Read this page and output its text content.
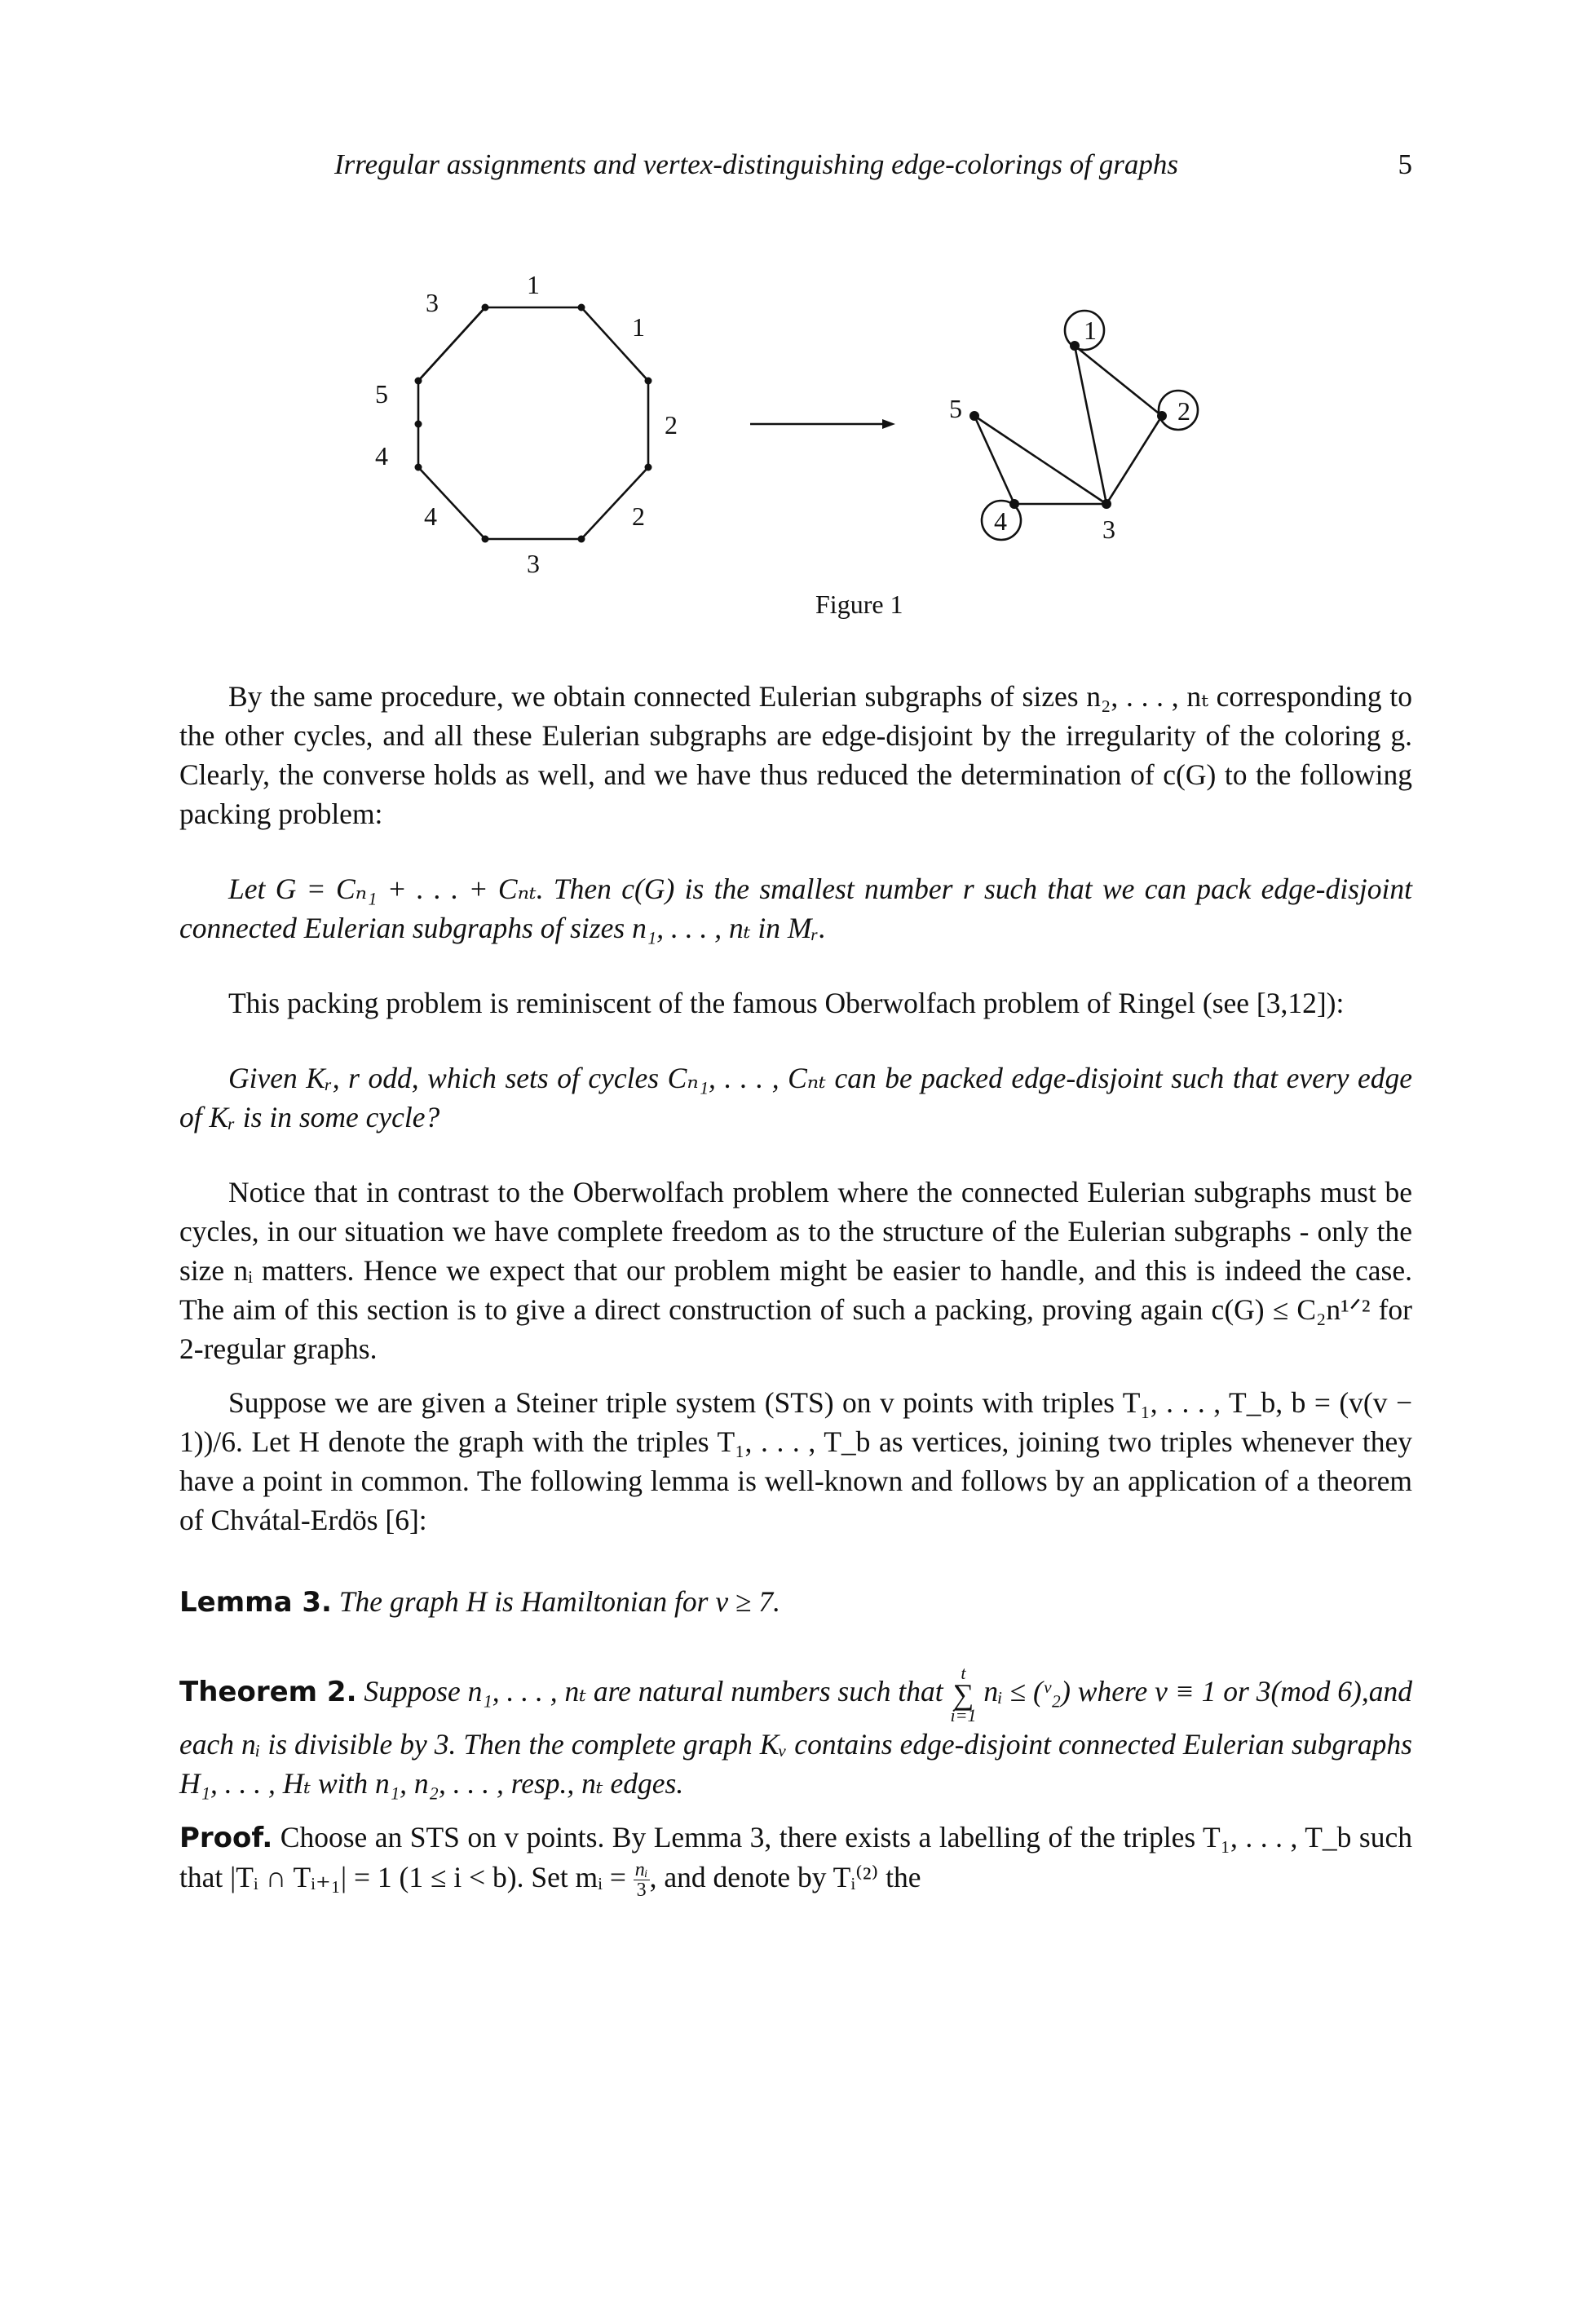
Irregular assignments and vertex-distinguishing edge-colorings of graphs	5
1
1
2
2
3
4
4
5
3
1
2
3
4
5
Figure 1

By the same procedure, we obtain connected Eulerian subgraphs of sizes n₂, . . . , nₜ corresponding to the other cycles, and all these Eulerian subgraphs are edge-disjoint by the irregularity of the coloring g. Clearly, the converse holds as well, and we have thus reduced the determination of c(G) to the following packing problem:

Let G = Cₙ₁ + . . . + Cₙₜ. Then c(G) is the smallest number r such that we can pack edge-disjoint connected Eulerian subgraphs of sizes n₁, . . . , nₜ in Mᵣ.

This packing problem is reminiscent of the famous Oberwolfach problem of Ringel (see [3,12]):

Given Kᵣ, r odd, which sets of cycles Cₙ₁, . . . , Cₙₜ can be packed edge-disjoint such that every edge of Kᵣ is in some cycle?

Notice that in contrast to the Oberwolfach problem where the connected Eulerian subgraphs must be cycles, in our situation we have complete freedom as to the structure of the Eulerian subgraphs - only the size nᵢ matters. Hence we expect that our problem might be easier to handle, and this is indeed the case. The aim of this section is to give a direct construction of such a packing, proving again c(G) ≤ C₂n¹ᐟ² for 2-regular graphs.

Suppose we are given a Steiner triple system (STS) on v points with triples T₁, . . . , T_b, b = (v(v − 1))/6. Let H denote the graph with the triples T₁, . . . , T_b as vertices, joining two triples whenever they have a point in common. The following lemma is well-known and follows by an application of a theorem of Chvátal-Erdös [6]:

Lemma 3. The graph H is Hamiltonian for v ≥ 7.

Theorem 2. Suppose n₁, . . . , nₜ are natural numbers such that
t
∑
i=1
nᵢ ≤ (ᵛ₂) where v ≡ 1 or 3(mod 6),and each nᵢ is divisible by 3. Then the complete graph Kᵥ contains edge-disjoint connected Eulerian subgraphs H₁, . . . , Hₜ with n₁, n₂, . . . , resp., nₜ edges.

Proof. Choose an STS on v points. By Lemma 3, there exists a labelling of the triples T₁, . . . , T_b such that |Tᵢ ∩ Tᵢ₊₁| = 1 (1 ≤ i < b). Set mᵢ = $\frac{\text{nᵢ}}{3}$ , and denote by Tᵢ⁽²⁾ the
